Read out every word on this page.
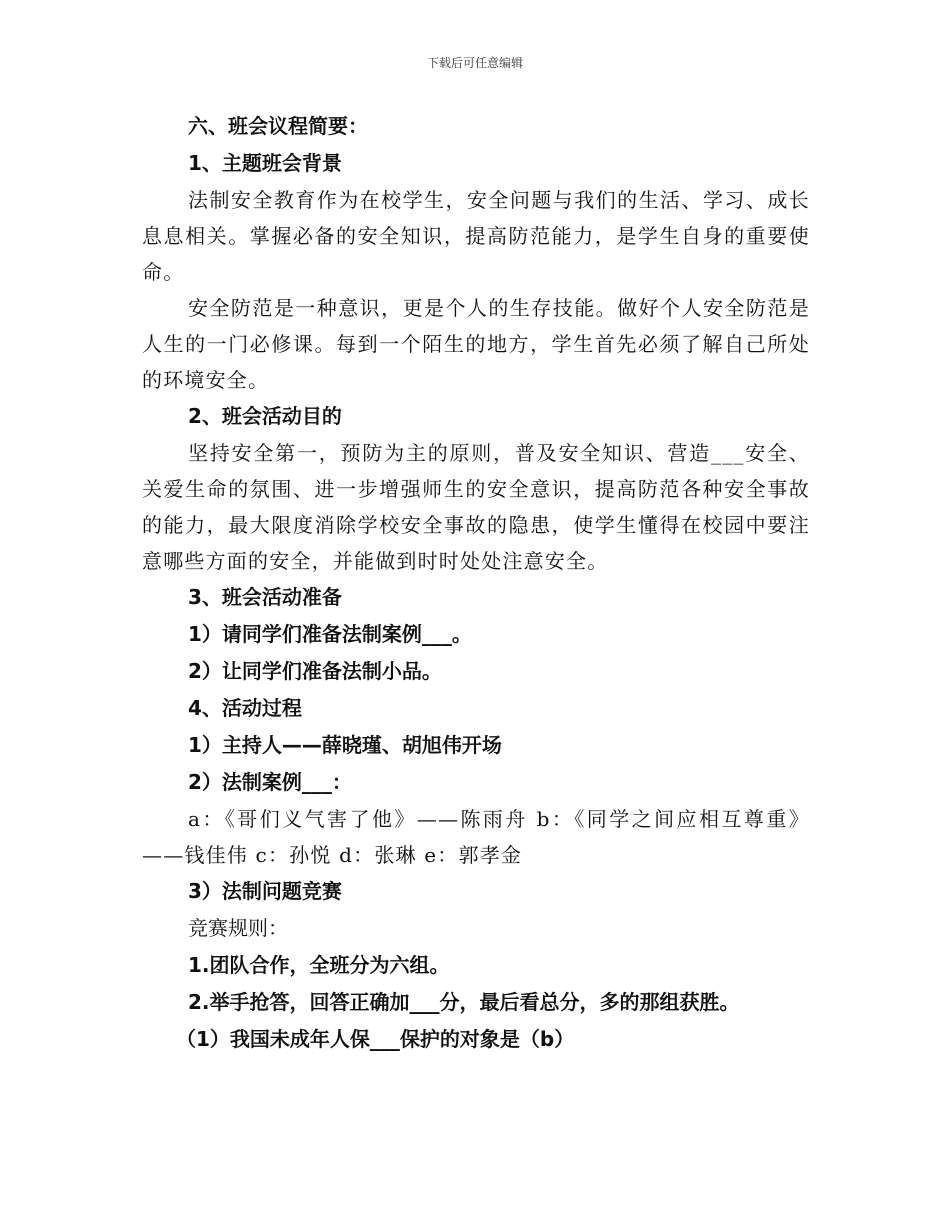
下载后可任意编辑

六、班会议程简要：

1、主题班会背景

法制安全教育作为在校学生，安全问题与我们的生活、学习、成长息息相关。掌握必备的安全知识，提高防范能力，是学生自身的重要使命。

安全防范是一种意识，更是个人的生存技能。做好个人安全防范是人生的一门必修课。每到一个陌生的地方，学生首先必须了解自己所处的环境安全。

2、班会活动目的

坚持安全第一，预防为主的原则，普及安全知识、营造___安全、关爱生命的氛围、进一步增强师生的安全意识，提高防范各种安全事故的能力，最大限度消除学校安全事故的隐患，使学生懂得在校园中要注意哪些方面的安全，并能做到时时处处注意安全。

3、班会活动准备

1）请同学们准备法制案例___。

2）让同学们准备法制小品。

4、活动过程

1）主持人——薛晓瑾、胡旭伟开场

2）法制案例___：

a：《哥们义气害了他》——陈雨舟 b：《同学之间应相互尊重》——钱佳伟 c：孙悦 d：张琳 e：郭孝金

3）法制问题竞赛

竞赛规则：

1.团队合作，全班分为六组。

2.举手抢答，回答正确加___分，最后看总分，多的那组获胜。

（1）我国未成年人保___保护的对象是（b）
